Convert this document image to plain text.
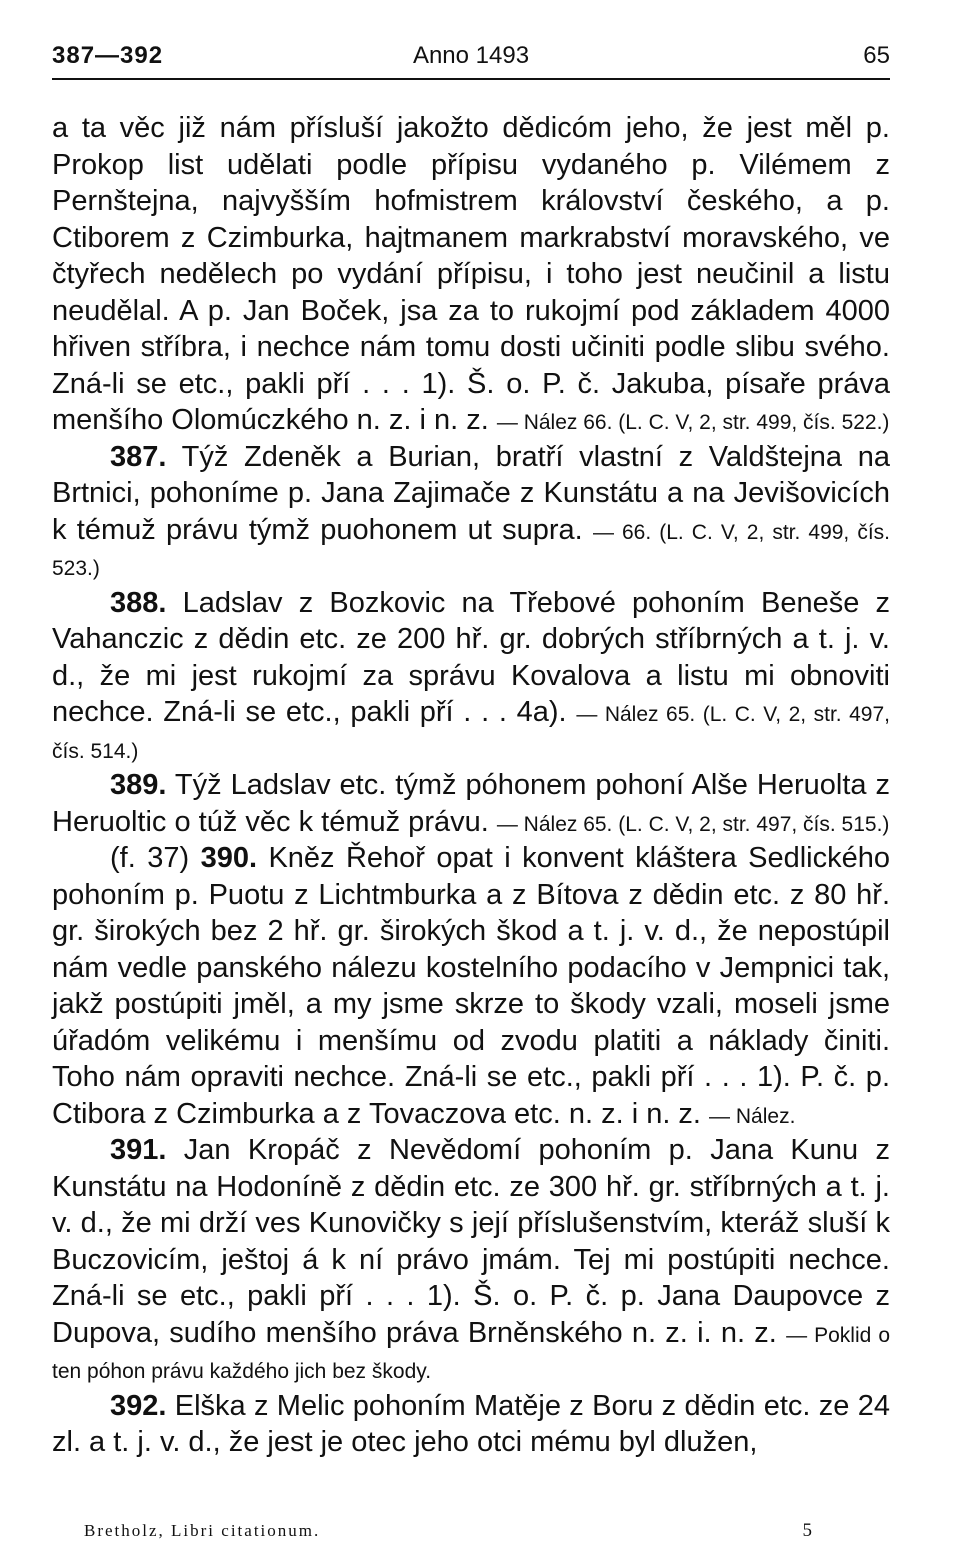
387—392	Anno 1493	65

a ta věc již nám přísluší jakožto dědicóm jeho, že jest měl p. Prokop list udělati podle přípisu vydaného p. Vilémem z Pernštejna, najvyšším hofmistrem království českého, a p. Ctiborem z Czimburka, hajtmanem markrabství moravského, ve čtyřech nedělech po vydání přípisu, i toho jest neučinil a listu neudělal. A p. Jan Boček, jsa za to rukojmí pod základem 4000 hřiven stříbra, i nechce nám tomu dosti učiniti podle slibu svého. Zná-li se etc., pakli pří . . . 1). Š. o. P. č. Jakuba, písaře práva menšího Olomúczkého n. z. i n. z. — Nález 66. (L. C. V, 2, str. 499, čís. 522.)

387. Týž Zdeněk a Burian, bratří vlastní z Valdštejna na Brtnici, pohoníme p. Jana Zajimače z Kunstátu a na Jevišovicích k témuž právu týmž puohonem ut supra. — 66. (L. C. V, 2, str. 499, čís. 523.)

388. Ladslav z Bozkovic na Třebové pohoním Beneše z Vahanczic z dědin etc. ze 200 hř. gr. dobrých stříbrných a t. j. v. d., že mi jest rukojmí za správu Kovalova a listu mi obnoviti nechce. Zná-li se etc., pakli pří . . . 4a). — Nález 65. (L. C. V, 2, str. 497, čís. 514.)

389. Týž Ladslav etc. týmž póhonem pohoní Alše Heruolta z Heruoltic o túž věc k témuž právu. — Nález 65. (L. C. V, 2, str. 497, čís. 515.)

(f. 37) 390. Kněz Řehoř opat i konvent kláštera Sedlického pohoním p. Puotu z Lichtmburka a z Bítova z dědin etc. z 80 hř. gr. širokých bez 2 hř. gr. širokých škod a t. j. v. d., že nepostúpil nám vedle panského nálezu kostelního podacího v Jempnici tak, jakž postúpiti jměl, a my jsme skrze to škody vzali, moseli jsme úřadóm velikému i menšímu od zvodu platiti a náklady činiti. Toho nám opraviti nechce. Zná-li se etc., pakli pří . . . 1). P. č. p. Ctibora z Czimburka a z Tovaczova etc. n. z. i n. z. — Nález.

391. Jan Kropáč z Nevědomí pohoním p. Jana Kunu z Kunstátu na Hodoníně z dědin etc. ze 300 hř. gr. stříbrných a t. j. v. d., že mi drží ves Kunovičky s její příslušenstvím, kteráž sluší k Buczovicím, ještoj á k ní právo jmám. Tej mi postúpiti nechce. Zná-li se etc., pakli pří . . . 1). Š. o. P. č. p. Jana Daupovce z Dupova, sudího menšího práva Brněnského n. z. i. n. z. — Poklid o ten póhon právu každého jich bez škody.

392. Elška z Melic pohoním Matěje z Boru z dědin etc. ze 24 zl. a t. j. v. d., že jest je otec jeho otci mému byl dlužen,

Bretholz, Libri citationum.	5
